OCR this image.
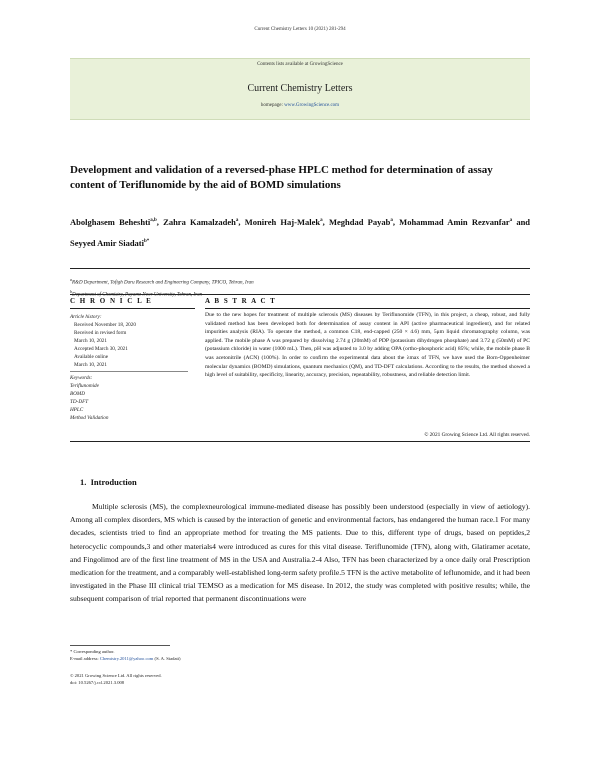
Current Chemistry Letters 10 (2021) 281-294
Contents lists available at GrowingScience
Current Chemistry Letters
homepage: www.GrowingScience.com
Development and validation of a reversed-phase HPLC method for determination of assay content of Teriflunomide by the aid of BOMD simulations
Abolghasem Beheshti$^{a,b}$, Zahra Kamalzadeh$^a$, Monireh Haj-Malek$^a$, Meghdad Payab$^a$, Mohammad Amin Rezvanfar$^a$ and Seyyed Amir Siadati$^{b*}$
$^a$R&D Department, Tofigh Daru Research and Engineering Company, TPICO, Tehran, Iran
$^b$Department of Chemistry, Payame Noor University, Tehran, Iran
C H R O N I C L E	A B S T R A C T
Article history:
Received November 18, 2020
Received in revised form
March 10, 2021
Accepted March 30, 2021
Available online
March 10, 2021
Keywords:
Teriflunomide
BOMD
TD-DFT
HPLC
Method Validation
Due to the new hopes for treatment of multiple sclerosis (MS) diseases by Teriflunomide (TFN), in this project, a cheap, robust, and fully validated method has been developed both for determination of assay content in API (active pharmaceutical ingredient), and for related impurities analysis (RIA). To operate the method, a common C18, end-capped (250 × 4.6) mm, 5μm liquid chromatography column, was applied. The mobile phase A was prepared by dissolving 2.74 g (20mM) of PDP (potassium dihydrogen phosphate) and 3.72 g (50mM) of PC (potassium chloride) in water (1000 mL). Then, pH was adjusted to 3.0 by adding OPA (ortho-phosphoric acid) 85%; while, the mobile phase B was acetonitrile (ACN) (100%). In order to confirm the experimental data about the λmax of TFN, we have used the Born-Oppenheimer molecular dynamics (BOMD) simulations, quantum mechanics (QM), and TD-DFT calculations. According to the results, the method showed a high level of suitability, specificity, linearity, accuracy, precision, repeatability, robustness, and reliable detection limit.
© 2021 Growing Science Ltd. All rights reserved.
1. Introduction
Multiple sclerosis (MS), the complexneurological immune-mediated disease has possibly been understood (especially in view of aetiology). Among all complex disorders, MS which is caused by the interaction of genetic and environmental factors, has endangered the human race.1 For many decades, scientists tried to find an appropriate method for treating the MS patients. Due to this, different type of drugs, based on peptides,2 heterocyclic compounds,3 and other materials4 were introduced as cures for this vital disease. Teriflunomide (TFN), along with, Glatiramer acetate, and Fingolimod are of the first line treatment of MS in the USA and Australia.2-4 Also, TFN has been characterized by a once daily oral Prescription medication for the treatment, and a comparably well-established long-term safety profile.5 TFN is the active metabolite of leflunomide, and it had been investigated in the Phase III clinical trial TEMSO as a medication for MS disease. In 2012, the study was completed with positive results; while, the subsequent comparison of trial reported that permanent discontinuations were
* Corresponding author.
E-mail address: Chemistry.2011@yahoo.com (S. A. Siadati)
© 2021 Growing Science Ltd. All rights reserved.
doi: 10.5267/j.ccl.2021.3.008
